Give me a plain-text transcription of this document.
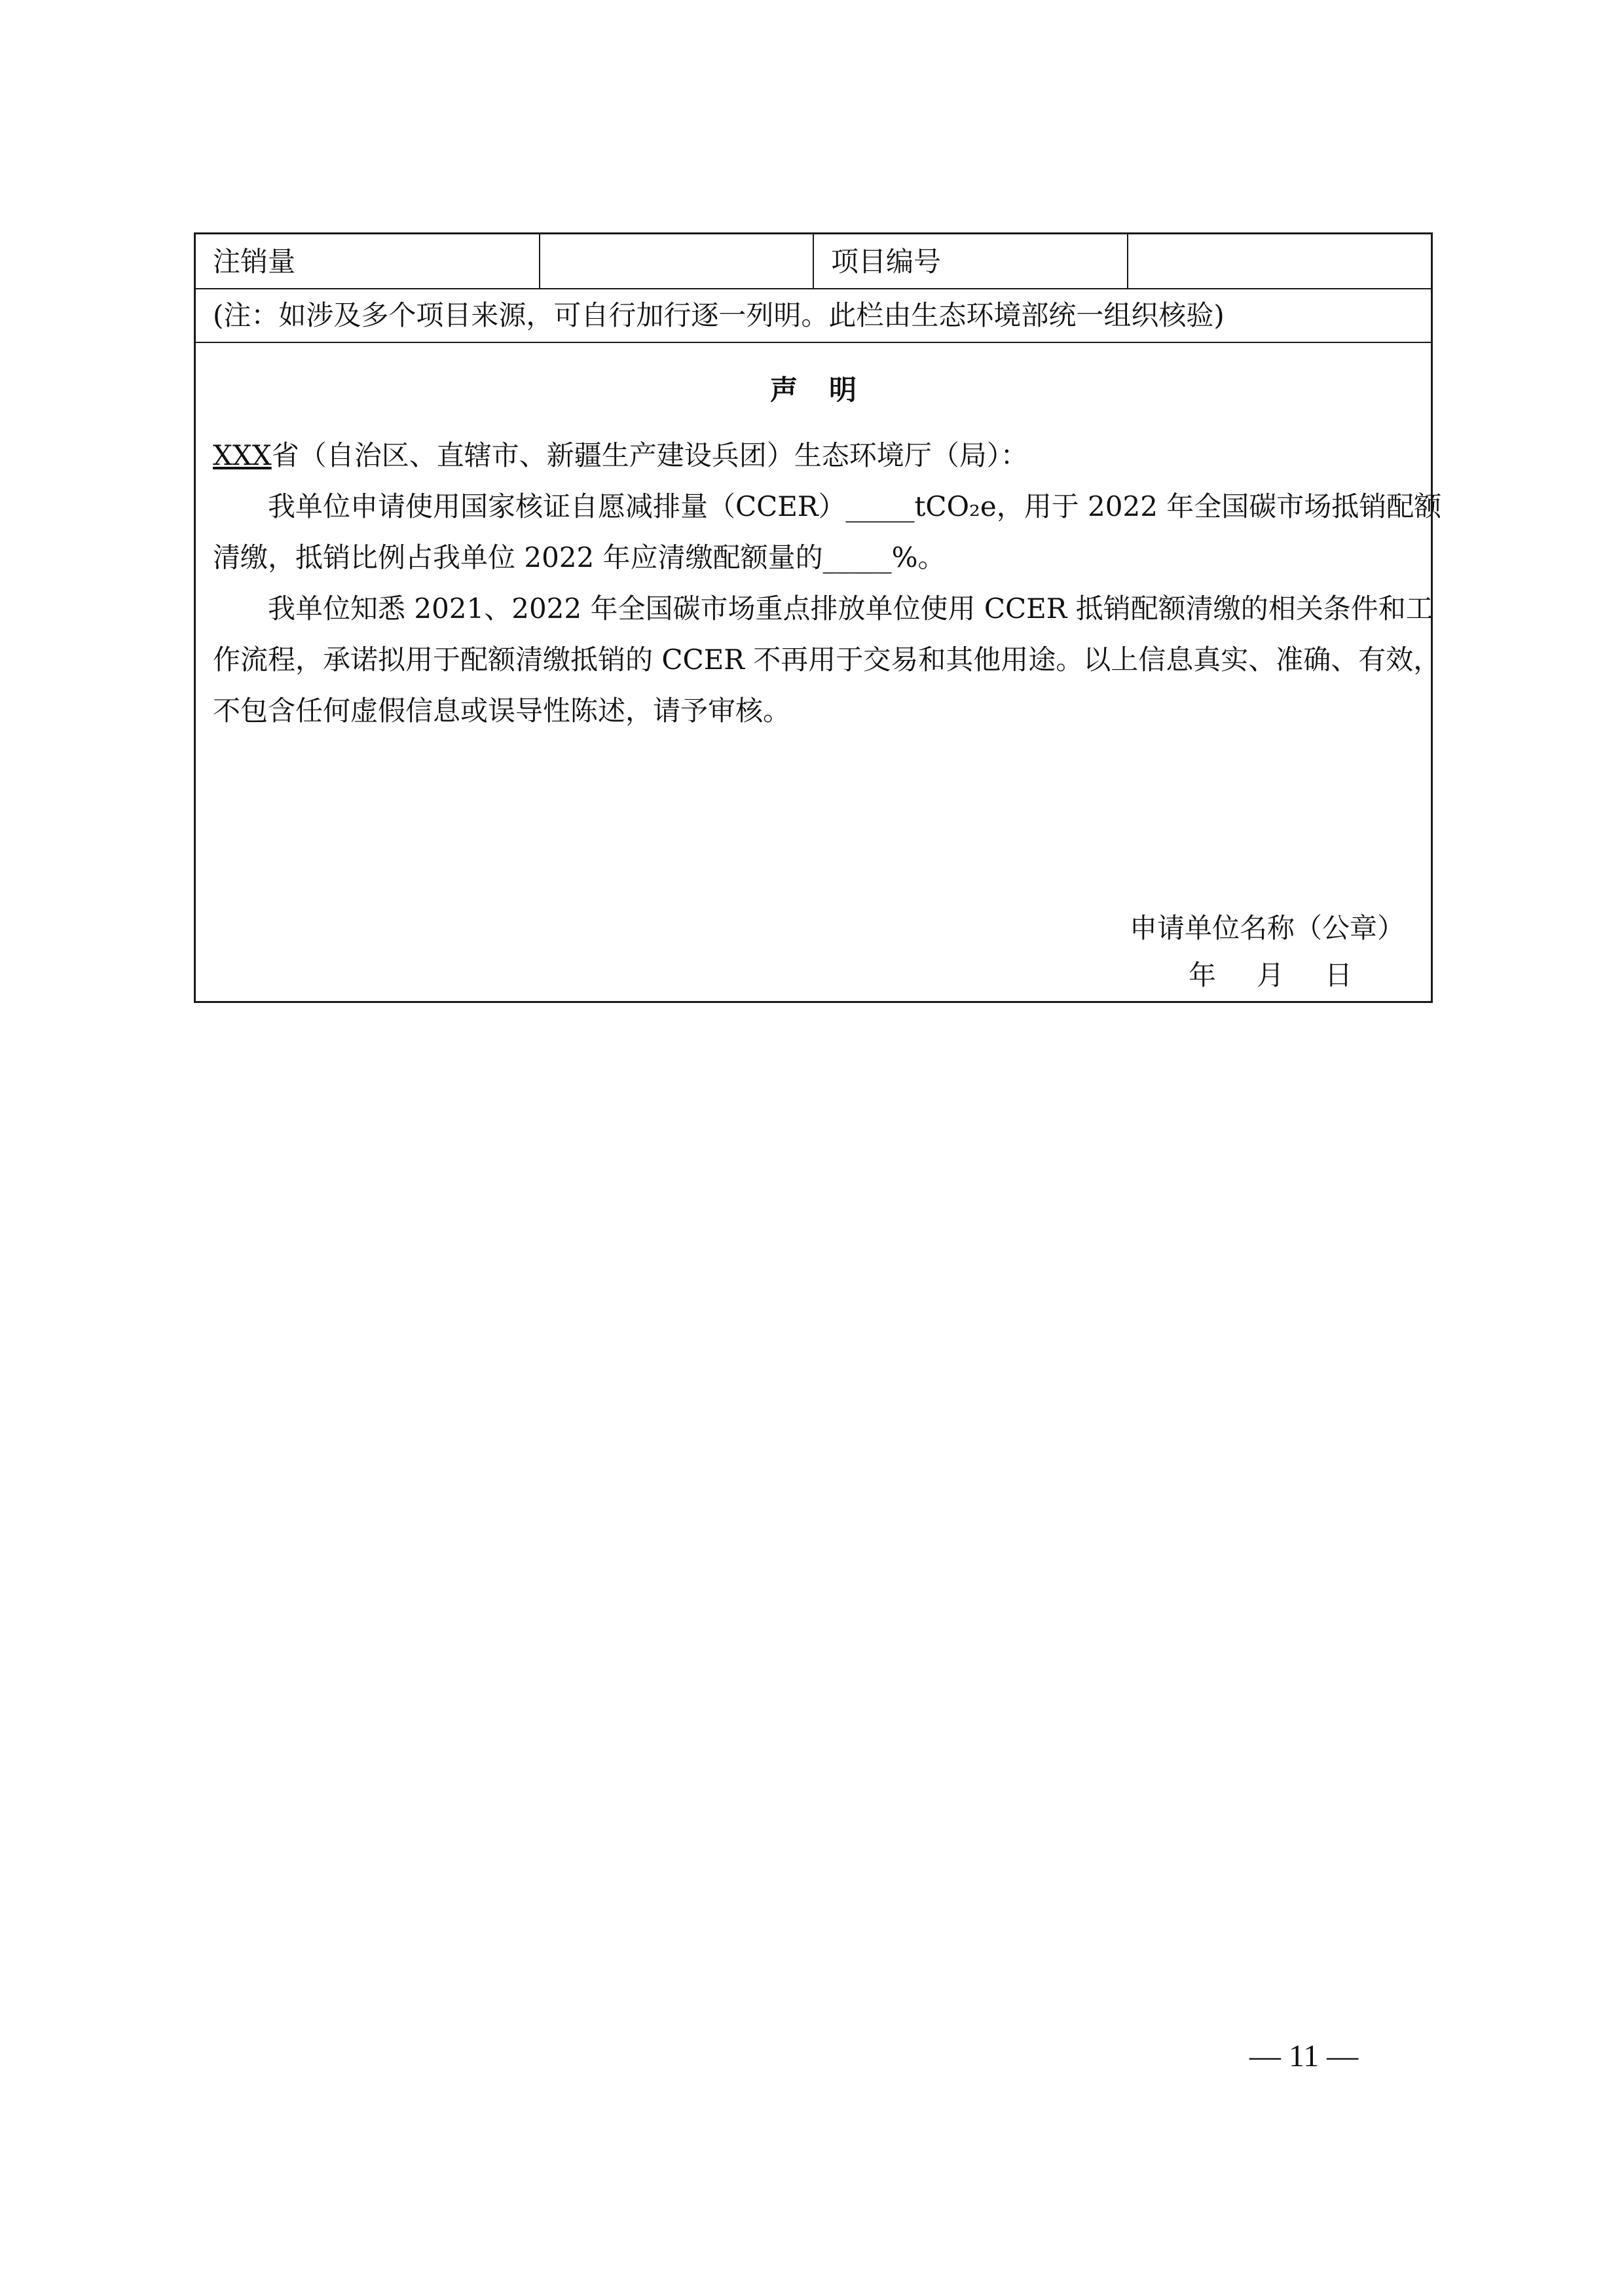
注销量	项目编号
(注：如涉及多个项目来源，可自行加行逐一列明。此栏由生态环境部统一组织核验)
声明
XXX省（自治区、直辖市、新疆生产建设兵团）生态环境厅（局）：
我单位申请使用国家核证自愿减排量（CCER）_____tCO₂e，用于 2022 年全国碳市场抵销配额
清缴，抵销比例占我单位 2022 年应清缴配额量的_____%。
我单位知悉 2021、2022 年全国碳市场重点排放单位使用 CCER 抵销配额清缴的相关条件和工
作流程，承诺拟用于配额清缴抵销的 CCER 不再用于交易和其他用途。以上信息真实、准确、有效，
不包含任何虚假信息或误导性陈述，请予审核。
申请单位名称（公章）
年月日
— 11 —
